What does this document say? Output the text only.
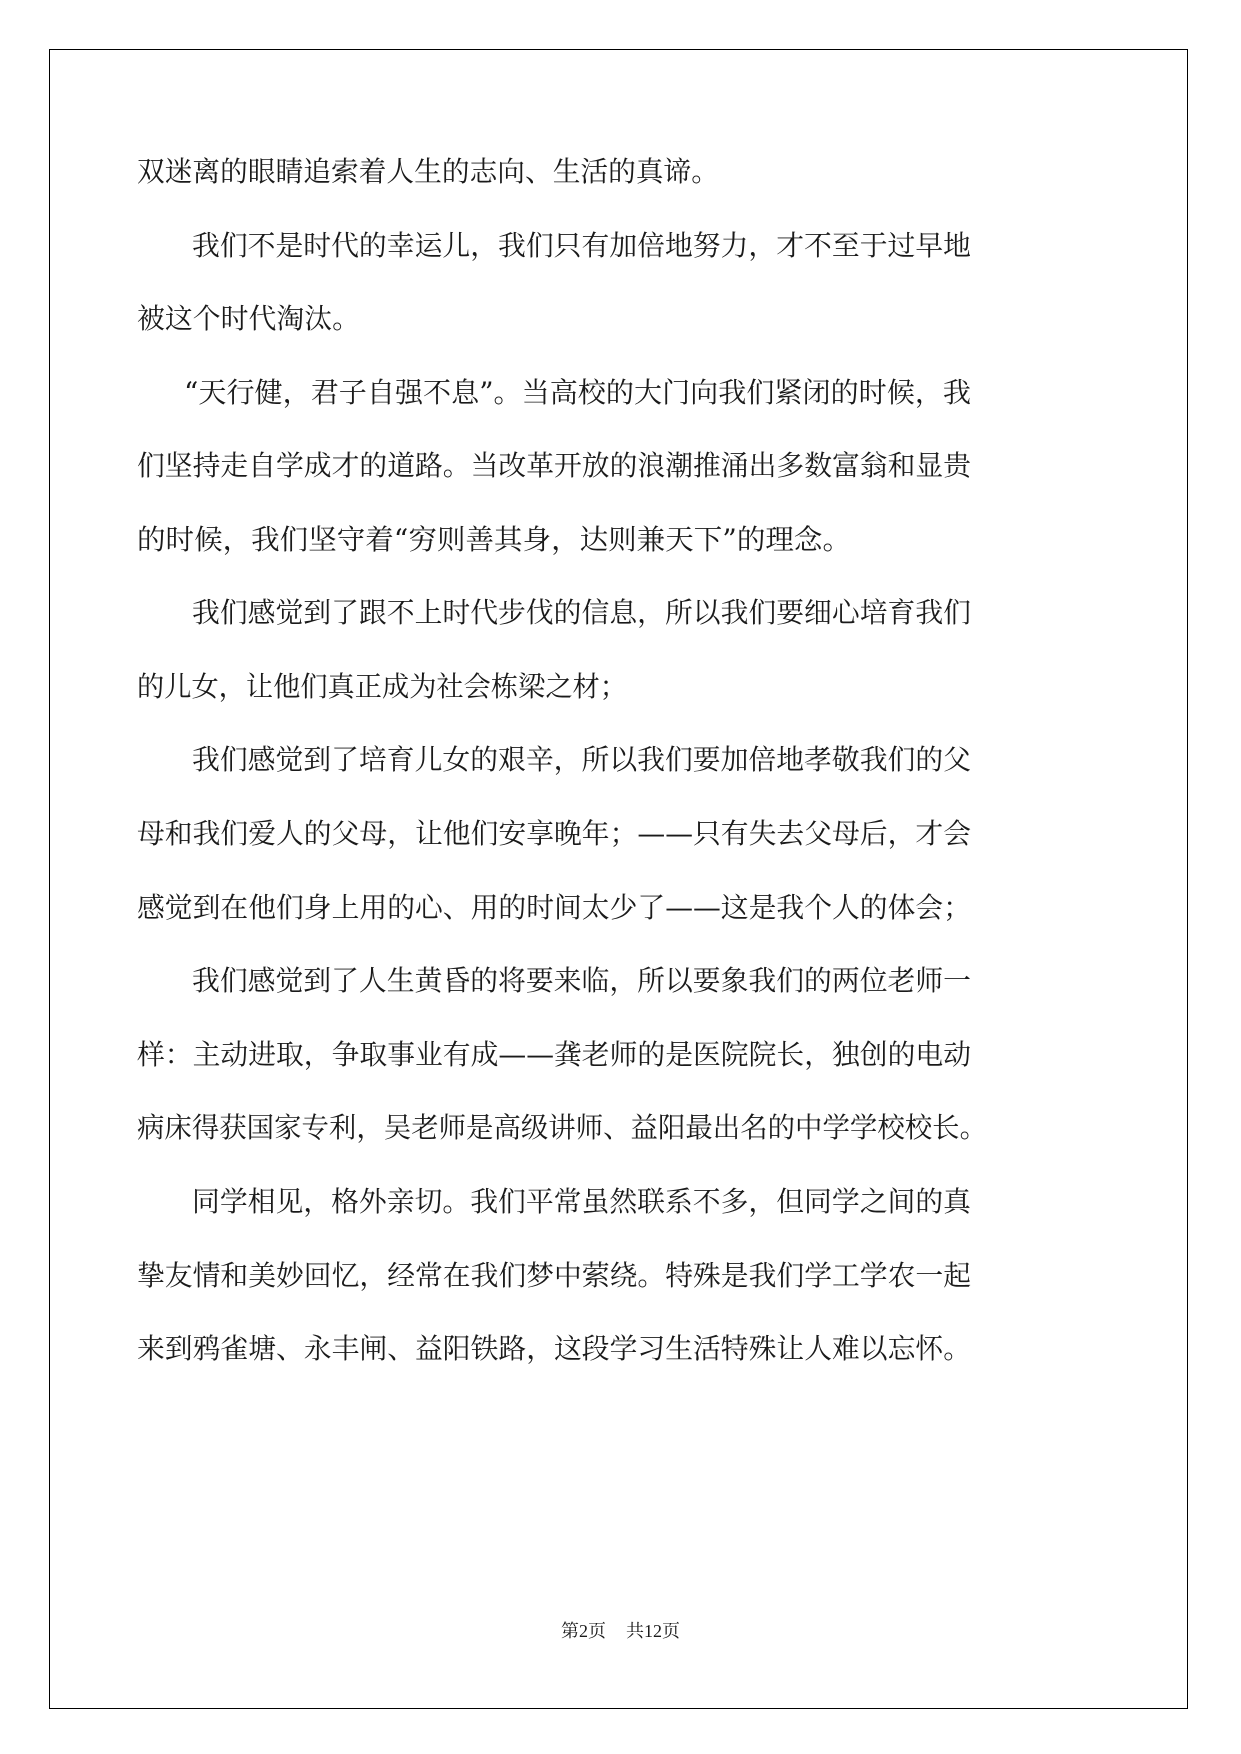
双迷离的眼睛追索着人生的志向、生活的真谛。
我们不是时代的幸运儿，我们只有加倍地努力，才不至于过早地
被这个时代淘汰。
“天行健，君子自强不息”。当高校的大门向我们紧闭的时候，我
们坚持走自学成才的道路。当改革开放的浪潮推涌出多数富翁和显贵
的时候，我们坚守着“穷则善其身，达则兼天下”的理念。
我们感觉到了跟不上时代步伐的信息，所以我们要细心培育我们
的儿女，让他们真正成为社会栋梁之材；
我们感觉到了培育儿女的艰辛，所以我们要加倍地孝敬我们的父
母和我们爱人的父母，让他们安享晚年；——只有失去父母后，才会
感觉到在他们身上用的心、用的时间太少了——这是我个人的体会；
我们感觉到了人生黄昏的将要来临，所以要象我们的两位老师一
样：主动进取，争取事业有成——龚老师的是医院院长，独创的电动
病床得获国家专利，吴老师是高级讲师、益阳最出名的中学学校校长。
同学相见，格外亲切。我们平常虽然联系不多，但同学之间的真
挚友情和美妙回忆，经常在我们梦中萦绕。特殊是我们学工学农一起
来到鸦雀塘、永丰闸、益阳铁路，这段学习生活特殊让人难以忘怀。
第2页 共12页
